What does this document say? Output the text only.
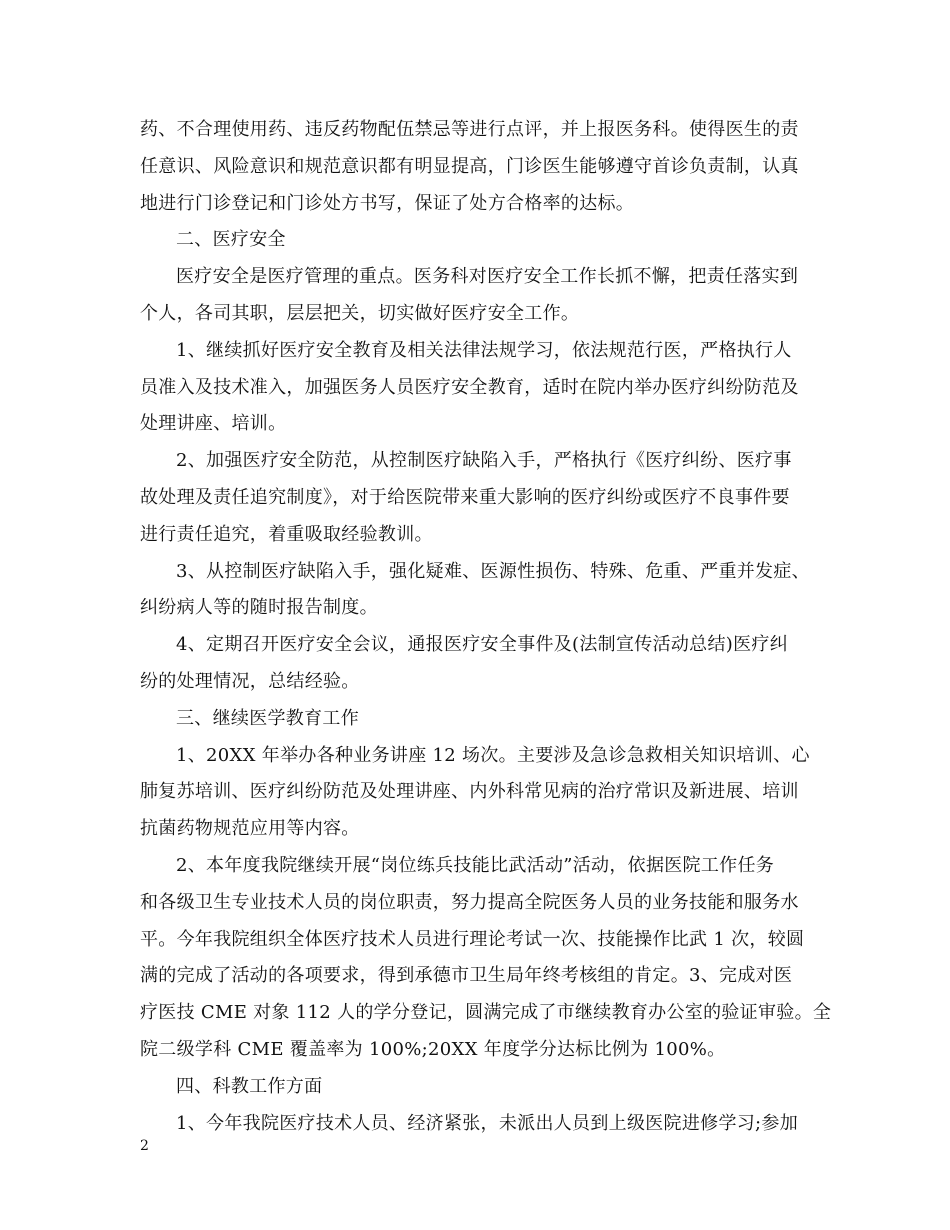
药、不合理使用药、违反药物配伍禁忌等进行点评，并上报医务科。使得医生的责
任意识、风险意识和规范意识都有明显提高，门诊医生能够遵守首诊负责制，认真
地进行门诊登记和门诊处方书写，保证了处方合格率的达标。
二、医疗安全
医疗安全是医疗管理的重点。医务科对医疗安全工作长抓不懈，把责任落实到
个人，各司其职，层层把关，切实做好医疗安全工作。
1、继续抓好医疗安全教育及相关法律法规学习，依法规范行医，严格执行人
员准入及技术准入，加强医务人员医疗安全教育，适时在院内举办医疗纠纷防范及
处理讲座、培训。
2、加强医疗安全防范，从控制医疗缺陷入手，严格执行《医疗纠纷、医疗事
故处理及责任追究制度》，对于给医院带来重大影响的医疗纠纷或医疗不良事件要
进行责任追究，着重吸取经验教训。
3、从控制医疗缺陷入手，强化疑难、医源性损伤、特殊、危重、严重并发症、
纠纷病人等的随时报告制度。
4、定期召开医疗安全会议，通报医疗安全事件及(法制宣传活动总结)医疗纠
纷的处理情况，总结经验。
三、继续医学教育工作
1、20XX 年举办各种业务讲座 12 场次。主要涉及急诊急救相关知识培训、心
肺复苏培训、医疗纠纷防范及处理讲座、内外科常见病的治疗常识及新进展、培训
抗菌药物规范应用等内容。
2、本年度我院继续开展“岗位练兵技能比武活动”活动，依据医院工作任务
和各级卫生专业技术人员的岗位职责，努力提高全院医务人员的业务技能和服务水
平。今年我院组织全体医疗技术人员进行理论考试一次、技能操作比武 1 次，较圆
满的完成了活动的各项要求，得到承德市卫生局年终考核组的肯定。3、完成对医
疗医技 CME 对象 112 人的学分登记，圆满完成了市继续教育办公室的验证审验。全
院二级学科 CME 覆盖率为 100%;20XX 年度学分达标比例为 100%。
四、科教工作方面
1、今年我院医疗技术人员、经济紧张，未派出人员到上级医院进修学习;参加
2
